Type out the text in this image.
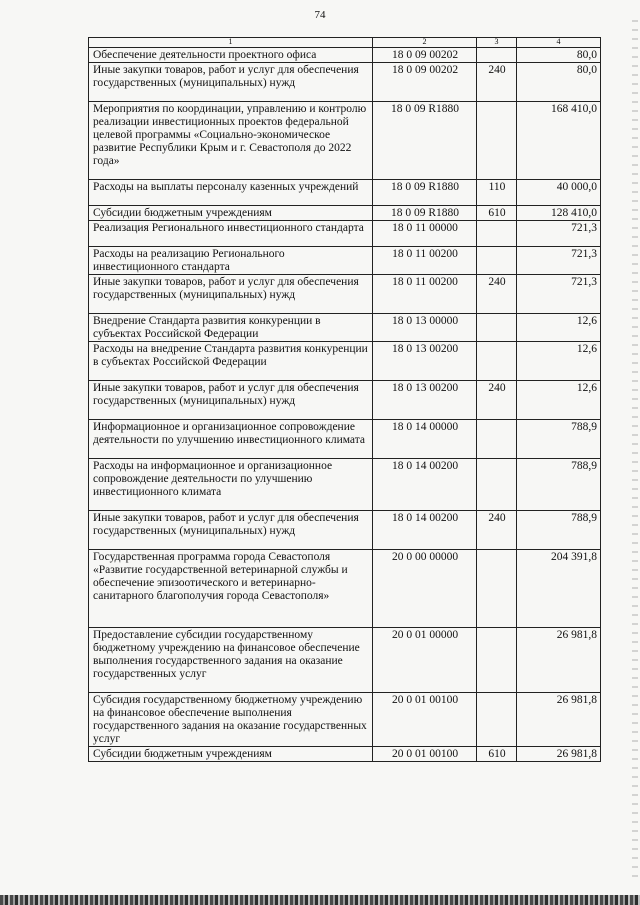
74
1	2	3	4
Обеспечение деятельности проектного офиса	18 0 09 00202		80,0
Иные закупки товаров, работ и услуг для обеспечения государственных (муниципальных) нужд	18 0 09 00202	240	80,0
Мероприятия по координации, управлению и контролю реализации инвестиционных проектов федеральной целевой программы «Социально-экономическое развитие Республики Крым и г. Севастополя до 2022 года»	18 0 09 R1880		168 410,0
Расходы на выплаты персоналу казенных учреждений	18 0 09 R1880	110	40 000,0
Субсидии бюджетным учреждениям	18 0 09 R1880	610	128 410,0
Реализация Регионального инвестиционного стандарта	18 0 11 00000		721,3
Расходы на реализацию Регионального инвестиционного стандарта	18 0 11 00200		721,3
Иные закупки товаров, работ и услуг для обеспечения государственных (муниципальных) нужд	18 0 11 00200	240	721,3
Внедрение Стандарта развития конкуренции в субъектах Российской Федерации	18 0 13 00000		12,6
Расходы на внедрение Стандарта развития конкуренции в субъектах Российской Федерации	18 0 13 00200		12,6
Иные закупки товаров, работ и услуг для обеспечения государственных (муниципальных) нужд	18 0 13 00200	240	12,6
Информационное и организационное сопровождение деятельности по улучшению инвестиционного климата	18 0 14 00000		788,9
Расходы на информационное и организационное сопровождение деятельности по улучшению инвестиционного климата	18 0 14 00200		788,9
Иные закупки товаров, работ и услуг для обеспечения государственных (муниципальных) нужд	18 0 14 00200	240	788,9
Государственная программа города Севастополя «Развитие государственной ветеринарной службы и обеспечение эпизоотического и ветеринарно-санитарного благополучия города Севастополя»	20 0 00 00000		204 391,8
Предоставление субсидии государственному бюджетному учреждению на финансовое обеспечение выполнения государственного задания на оказание государственных услуг	20 0 01 00000		26 981,8
Субсидия государственному бюджетному учреждению на финансовое обеспечение выполнения государственного задания на оказание государственных услуг	20 0 01 00100		26 981,8
Субсидии бюджетным учреждениям	20 0 01 00100	610	26 981,8
